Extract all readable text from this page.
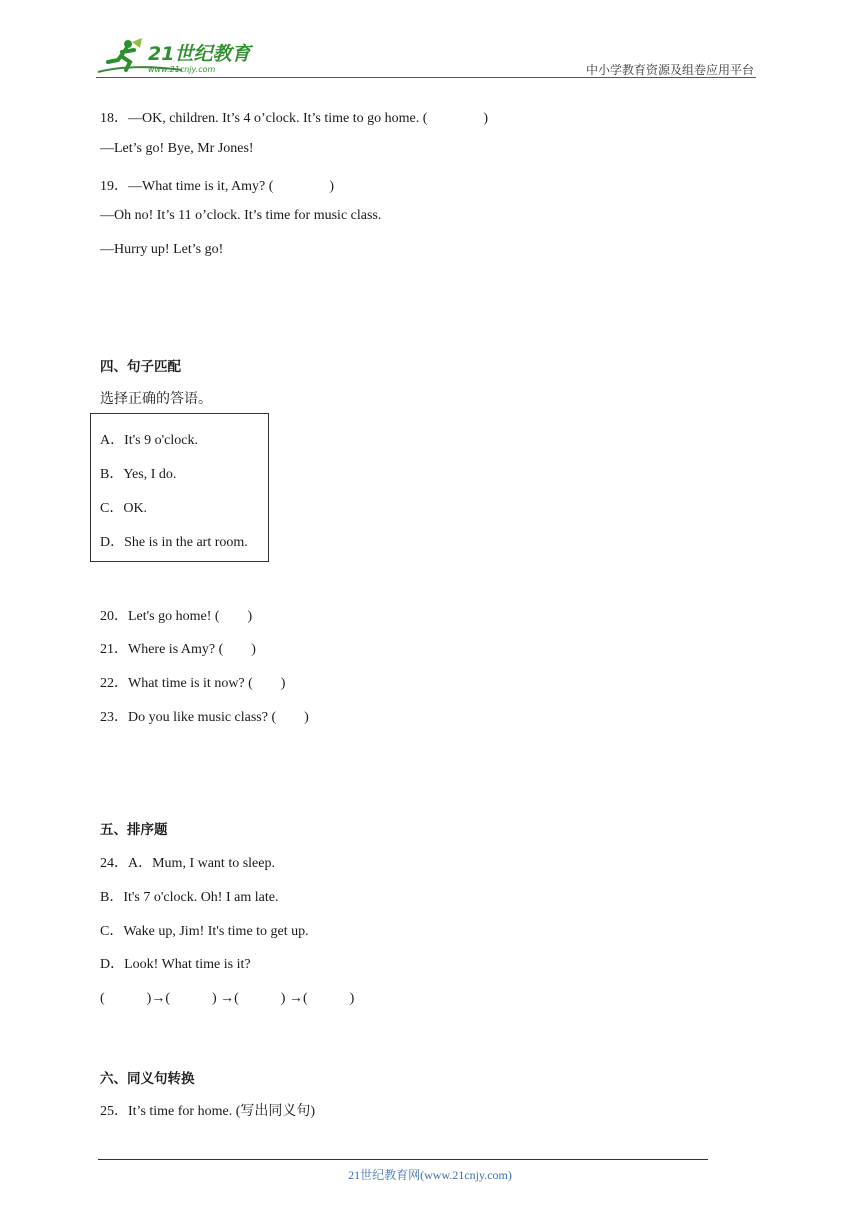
21世纪教育
www.21cnjy.com	中小学教育资源及组卷应用平台
18．—OK, children. It’s 4 o’clock. It’s time to go home. (　　　　)
—Let’s go! Bye, Mr Jones!
19．—What time is it, Amy? (　　　　)
—Oh no! It’s 11 o’clock. It’s time for music class.
—Hurry up! Let’s go!
四、句子匹配
选择正确的答语。
A．It's 9 o'clock.
B．Yes, I do.
C．OK.
D．She is in the art room.
20．Let's go home! (　　)
21．Where is Amy? (　　)
22．What time is it now? (　　)
23．Do you like music class? (　　)
五、排序题
24．A．Mum, I want to sleep.
B．It's 7 o'clock. Oh! I am late.
C．Wake up, Jim! It's time to get up.
D．Look! What time is it?
(　　　)→(　　　) →(　　　) →(　　　)
六、同义句转换
25．It’s time for home. (写出同义句)
21世纪教育网(www.21cnjy.com)
